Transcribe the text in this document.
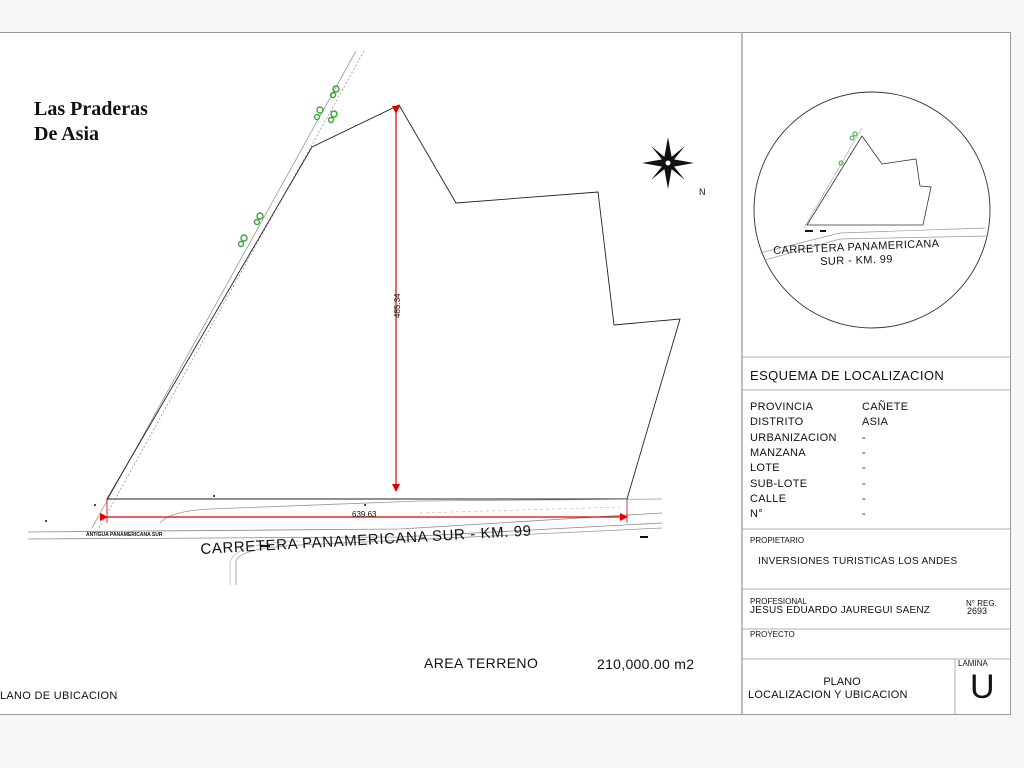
Las Praderas
De Asia
485.34
639.63
N
ANTIGUA PANAMERICANA SUR	CARRETERA PANAMERICANA SUR - KM. 99
AREA TERRENO	210,000.00 m2
LANO DE UBICACION
CARRETERA PANAMERICANA
SUR - KM. 99
ESQUEMA DE LOCALIZACION
PROVINCIA	CAÑETE
DISTRITO	ASIA
URBANIZACION -
MANZANA	-
LOTE	-
SUB-LOTE	-
CALLE	-
N°	-
PROPIETARIO
INVERSIONES TURISTICAS LOS ANDES
PROFESIONAL
JESUS EDUARDO JAUREGUI SAENZ
N° REG.
2693
PROYECTO
PLANO
LOCALIZACION Y UBICACION
LAMINA
U
